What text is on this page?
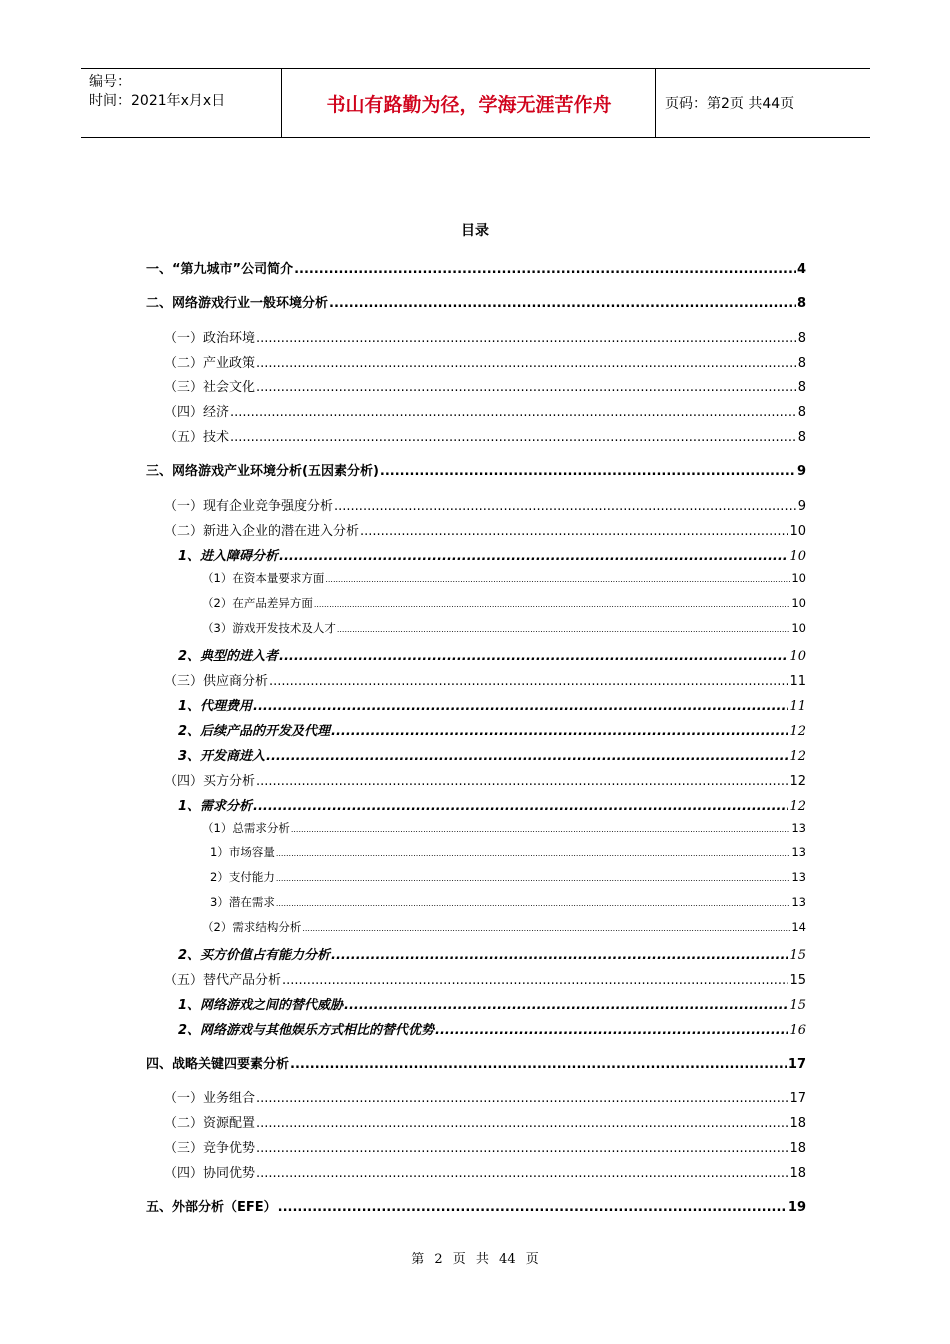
编号：
时间：2021年x月x日	书山有路勤为径，学海无涯苦作舟	页码：第2页 共44页
目录
一、“第九城市”公司简介 .....	4
二、网络游戏行业一般环境分析 .....	8
（一）政治环境 .....	8
（二）产业政策 .....	8
（三）社会文化 .....	8
（四）经济 .....	8
（五）技术 .....	8
三、网络游戏产业环境分析(五因素分析) .....	9
（一）现有企业竞争强度分析 .....	9
（二）新进入企业的潜在进入分析 .....	10
1、进入障碍分析 .....	10
（1）在资本量要求方面 .....	10
（2）在产品差异方面 .....	10
（3）游戏开发技术及人才 .....	10
2、典型的进入者 .....	10
（三）供应商分析 .....	11
1、代理费用 .....	11
2、后续产品的开发及代理 .....	12
3、开发商进入 .....	12
（四）买方分析 .....	12
1、需求分析 .....	12
（1）总需求分析 .....	13
1）市场容量 .....	13
2）支付能力 .....	13
3）潜在需求 .....	13
（2）需求结构分析 .....	14
2、买方价值占有能力分析 .....	15
（五）替代产品分析 .....	15
1、网络游戏之间的替代威胁 .....	15
2、网络游戏与其他娱乐方式相比的替代优势 .....	16
四、战略关键四要素分析 .....	17
（一）业务组合 .....	17
（二）资源配置 .....	18
（三）竞争优势 .....	18
（四）协同优势 .....	18
五、外部分析（EFE） .....	19
第 2 页 共 44 页
